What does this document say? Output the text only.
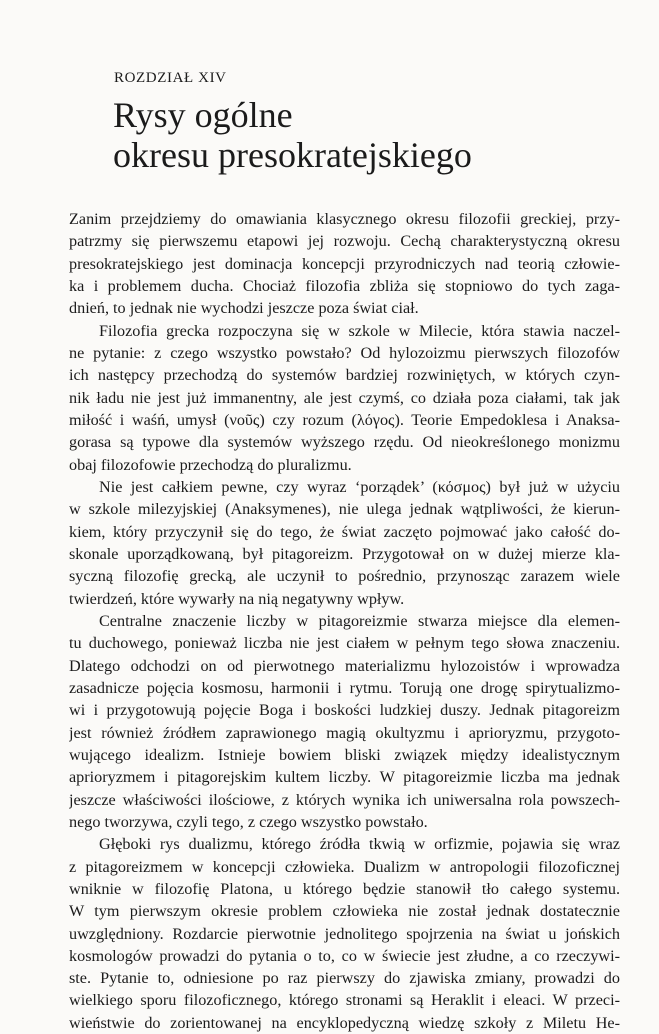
ROZDZIAŁ XIV
Rysy ogólne
okresu presokratejskiego
Zanim przejdziemy do omawiania klasycznego okresu filozofii greckiej, przy-
patrzmy się pierwszemu etapowi jej rozwoju. Cechą charakterystyczną okresu
presokratejskiego jest dominacja koncepcji przyrodniczych nad teorią człowie-
ka i problemem ducha. Chociaż filozofia zbliża się stopniowo do tych zaga-
dnień, to jednak nie wychodzi jeszcze poza świat ciał.
Filozofia grecka rozpoczyna się w szkole w Milecie, która stawia naczel-
ne pytanie: z czego wszystko powstało? Od hylozoizmu pierwszych filozofów
ich następcy przechodzą do systemów bardziej rozwiniętych, w których czyn-
nik ładu nie jest już immanentny, ale jest czymś, co działa poza ciałami, tak jak
miłość i waśń, umysł (νοῦς) czy rozum (λόγος). Teorie Empedoklesa i Anaksa-
gorasa są typowe dla systemów wyższego rzędu. Od nieokreślonego monizmu
obaj filozofowie przechodzą do pluralizmu.
Nie jest całkiem pewne, czy wyraz ‘porządek’ (κόσμος) był już w użyciu
w szkole milezyjskiej (Anaksymenes), nie ulega jednak wątpliwości, że kierun-
kiem, który przyczynił się do tego, że świat zaczęto pojmować jako całość do-
skonale uporządkowaną, był pitagoreizm. Przygotował on w dużej mierze kla-
syczną filozofię grecką, ale uczynił to pośrednio, przynosząc zarazem wiele
twierdzeń, które wywarły na nią negatywny wpływ.
Centralne znaczenie liczby w pitagoreizmie stwarza miejsce dla elemen-
tu duchowego, ponieważ liczba nie jest ciałem w pełnym tego słowa znaczeniu.
Dlatego odchodzi on od pierwotnego materializmu hylozoistów i wprowadza
zasadnicze pojęcia kosmosu, harmonii i rytmu. Torują one drogę spirytualizmo-
wi i przygotowują pojęcie Boga i boskości ludzkiej duszy. Jednak pitagoreizm
jest również źródłem zaprawionego magią okultyzmu i aprioryzmu, przygoto-
wującego idealizm. Istnieje bowiem bliski związek między idealistycznym
aprioryzmem i pitagorejskim kultem liczby. W pitagoreizmie liczba ma jednak
jeszcze właściwości ilościowe, z których wynika ich uniwersalna rola powszech-
nego tworzywa, czyli tego, z czego wszystko powstało.
Głęboki rys dualizmu, którego źródła tkwią w orfizmie, pojawia się wraz
z pitagoreizmem w koncepcji człowieka. Dualizm w antropologii filozoficznej
wniknie w filozofię Platona, u którego będzie stanowił tło całego systemu.
W tym pierwszym okresie problem człowieka nie został jednak dostatecznie
uwzględniony. Rozdarcie pierwotnie jednolitego spojrzenia na świat u jońskich
kosmologów prowadzi do pytania o to, co w świecie jest złudne, a co rzeczywi-
ste. Pytanie to, odniesione po raz pierwszy do zjawiska zmiany, prowadzi do
wielkiego sporu filozoficznego, którego stronami są Heraklit i eleaci. W przeci-
wieństwie do zorientowanej na encyklopedyczną wiedzę szkoły z Miletu He-
